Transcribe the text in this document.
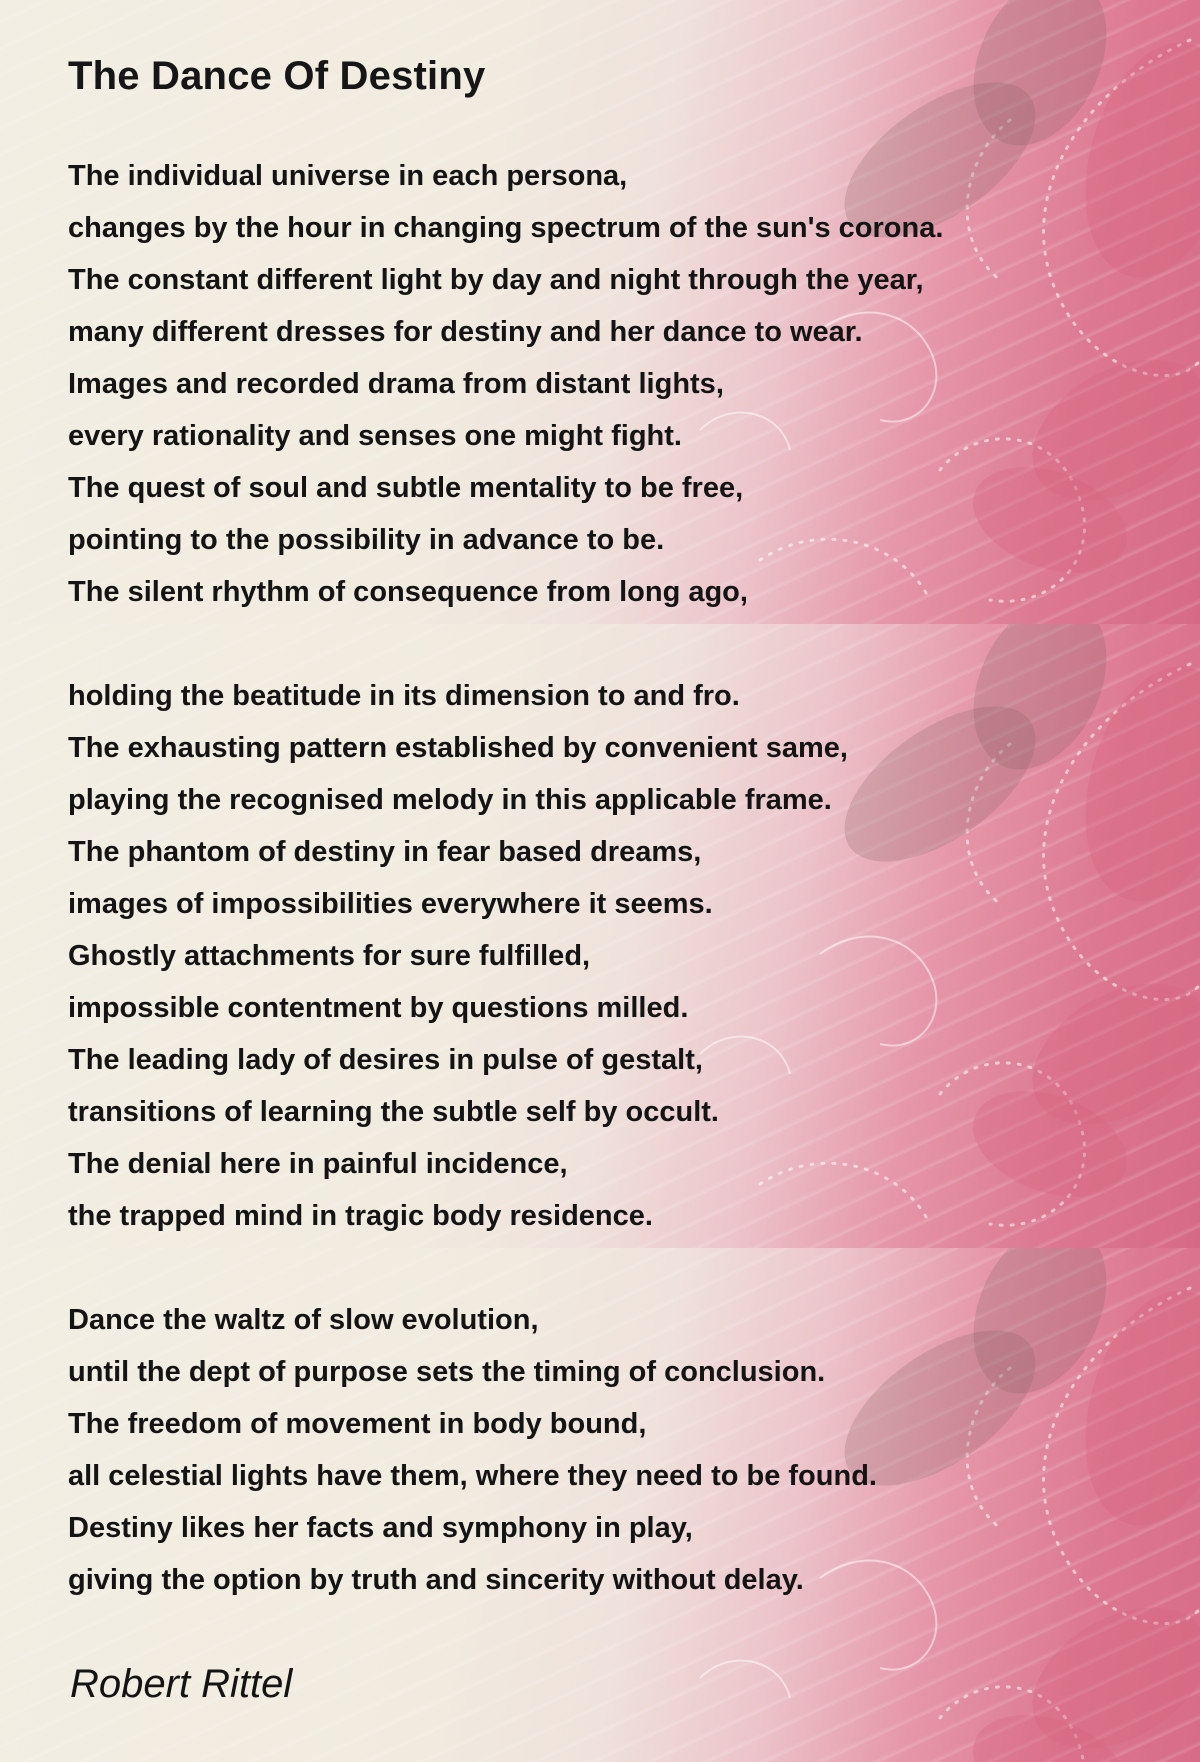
The Dance Of Destiny
The individual universe in each persona,
changes by the hour in changing spectrum of the sun's corona.
The constant different light by day and night through the year,
many different dresses for destiny and her dance to wear.
Images and recorded drama from distant lights,
every rationality and senses one might fight.
The quest of soul and subtle mentality to be free,
pointing to the possibility in advance to be.
The silent rhythm of consequence from long ago,
holding the beatitude in its dimension to and fro.
The exhausting pattern established by convenient same,
playing the recognised melody in this applicable frame.
The phantom of destiny in fear based dreams,
images of impossibilities everywhere it seems.
Ghostly attachments for sure fulfilled,
impossible contentment by questions milled.
The leading lady of desires in pulse of gestalt,
transitions of learning the subtle self by occult.
The denial here in painful incidence,
the trapped mind in tragic body residence.
Dance the waltz of slow evolution,
until the dept of purpose sets the timing of conclusion.
The freedom of movement in body bound,
all celestial lights have them, where they need to be found.
Destiny likes her facts and symphony in play,
giving the option by truth and sincerity without delay.

Robert Rittel
